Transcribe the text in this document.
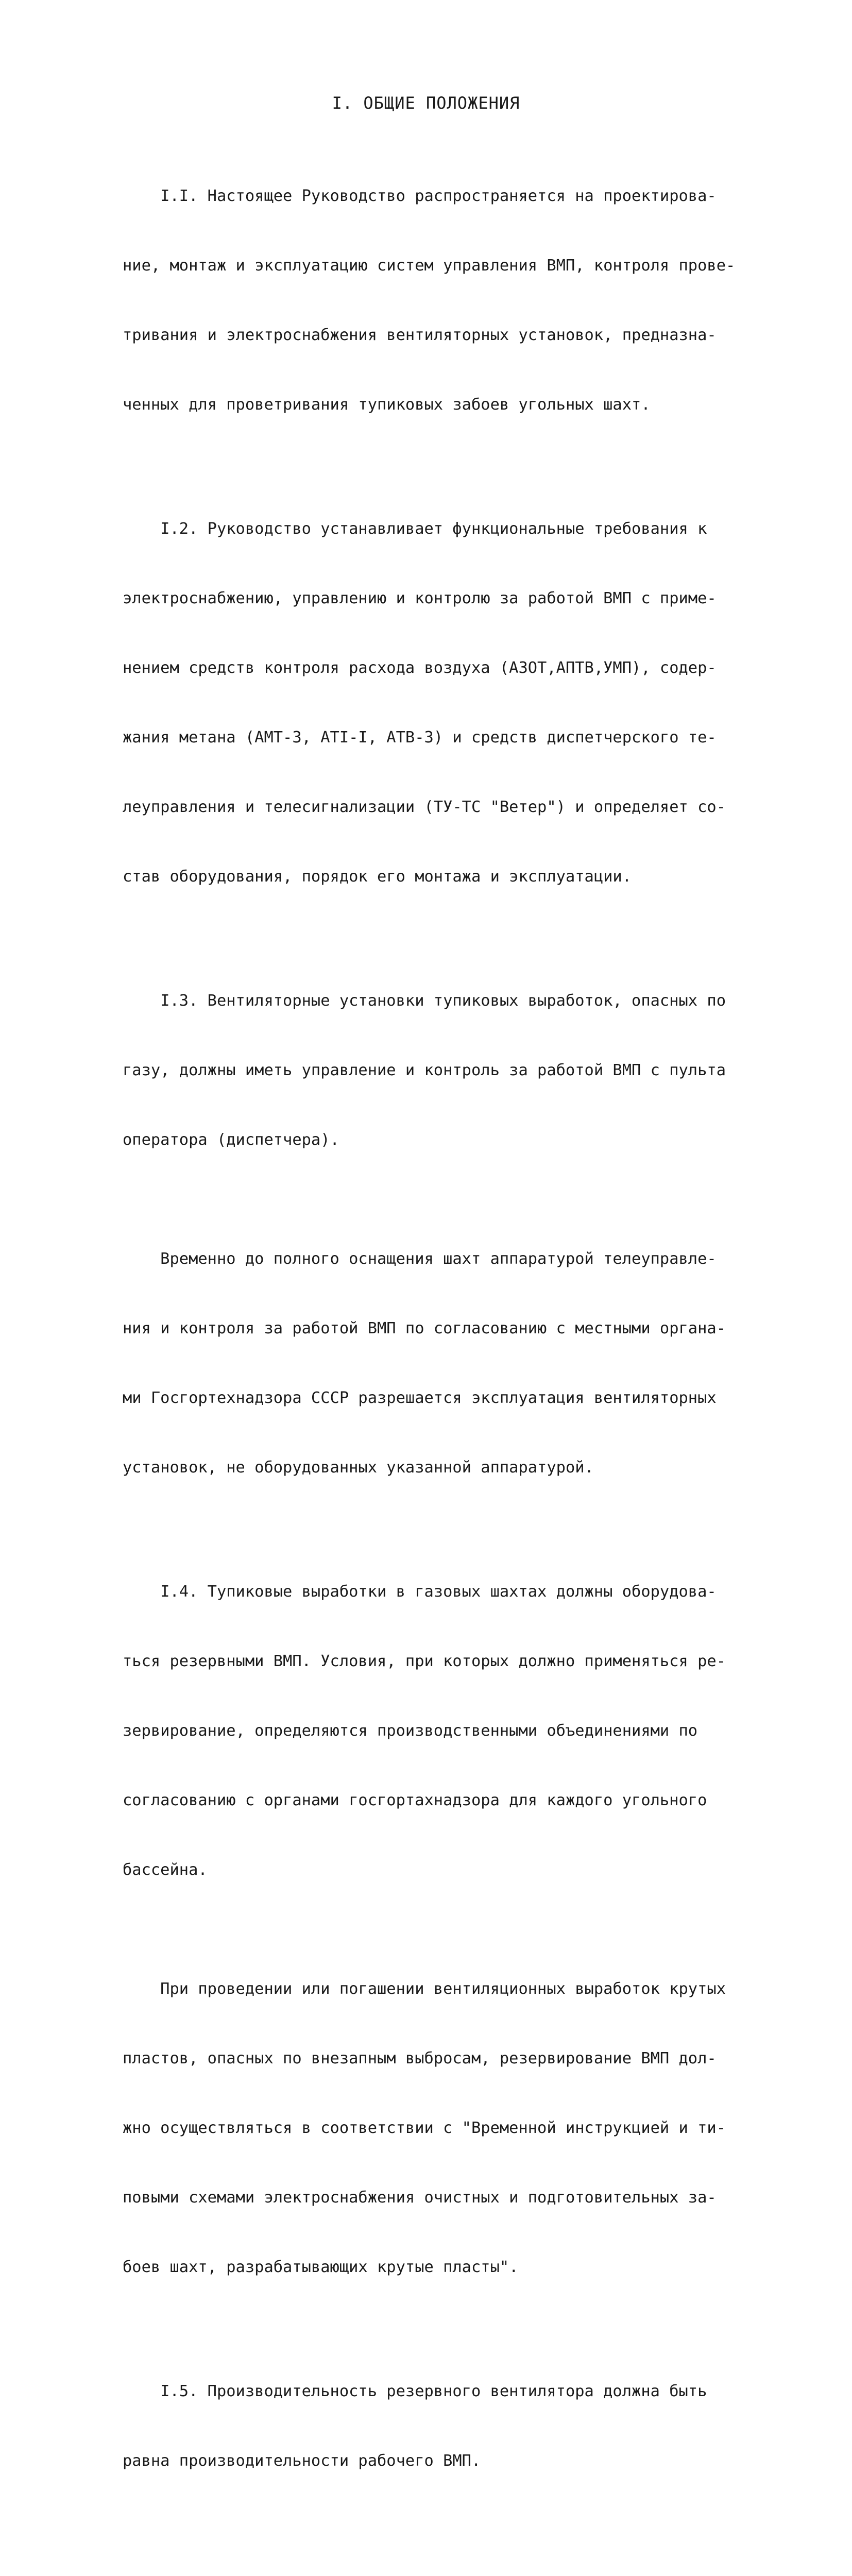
I. ОБЩИЕ ПОЛОЖЕНИЯ

I.I. Настоящее Руководство распространяется на проектирова-

ние, монтаж и эксплуатацию систем управления ВМП, контроля прове-

тривания и электроснабжения вентиляторных установок, предназна-

ченных для проветривания тупиковых забоев угольных шахт.

I.2. Руководство устанавливает функциональные требования к

электроснабжению, управлению и контролю за работой ВМП с приме-

нением средств контроля расхода воздуха (АЗОТ,АПТВ,УМП), содер-

жания метана (АМТ-3, АТI-I, АТВ-3) и средств диспетчерского те-

леуправления и телесигнализации (ТУ-ТС "Ветер") и определяет со-

став оборудования, порядок его монтажа и эксплуатации.

I.3. Вентиляторные установки тупиковых выработок, опасных по

газу, должны иметь управление и контроль за работой ВМП с пульта

оператора (диспетчера).

Временно до полного оснащения шахт аппаратурой телеуправле-

ния и контроля за работой ВМП по согласованию с местными органа-

ми Госгортехнадзора СССР разрешается эксплуатация вентиляторных

установок, не оборудованных указанной аппаратурой.

I.4. Тупиковые выработки в газовых шахтах должны оборудова-

ться резервными ВМП. Условия, при которых должно применяться ре-

зервирование, определяются производственными объединениями по

согласованию с органами госгортахнадзора для каждого угольного

бассейна.

При проведении или погашении вентиляционных выработок крутых

пластов, опасных по внезапным выбросам, резервирование ВМП дол-

жно осуществляться в соответствии с "Временной инструкцией и ти-

повыми схемами электроснабжения очистных и подготовительных за-

боев шахт, разрабатывающих крутые пласты".

I.5. Производительность резервного вентилятора должна быть

равна производительности рабочего ВМП.
